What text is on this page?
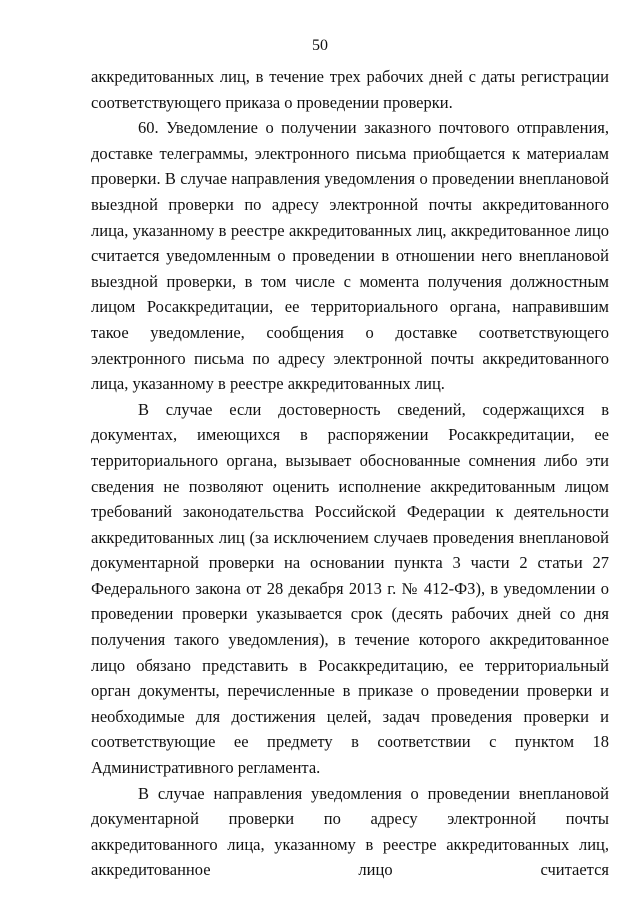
50

аккредитованных лиц, в течение трех рабочих дней с даты регистрации соответствующего приказа о проведении проверки.

60. Уведомление о получении заказного почтового отправления, доставке телеграммы, электронного письма приобщается к материалам проверки. В случае направления уведомления о проведении внеплановой выездной проверки по адресу электронной почты аккредитованного лица, указанному в реестре аккредитованных лиц, аккредитованное лицо считается уведомленным о проведении в отношении него внеплановой выездной проверки, в том числе с момента получения должностным лицом Росаккредитации, ее территориального органа, направившим такое уведомление, сообщения о доставке соответствующего электронного письма по адресу электронной почты аккредитованного лица, указанному в реестре аккредитованных лиц.

В случае если достоверность сведений, содержащихся в документах, имеющихся в распоряжении Росаккредитации, ее территориального органа, вызывает обоснованные сомнения либо эти сведения не позволяют оценить исполнение аккредитованным лицом требований законодательства Российской Федерации к деятельности аккредитованных лиц (за исключением случаев проведения внеплановой документарной проверки на основании пункта 3 части 2 статьи 27 Федерального закона от 28 декабря 2013 г. № 412-ФЗ), в уведомлении о проведении проверки указывается срок (десять рабочих дней со дня получения такого уведомления), в течение которого аккредитованное лицо обязано представить в Росаккредитацию, ее территориальный орган документы, перечисленные в приказе о проведении проверки и необходимые для достижения целей, задач проведения проверки и соответствующие ее предмету в соответствии с пунктом 18 Административного регламента.

В случае направления уведомления о проведении внеплановой документарной проверки по адресу электронной почты аккредитованного лица, указанному в реестре аккредитованных лиц, аккредитованное лицо считается
